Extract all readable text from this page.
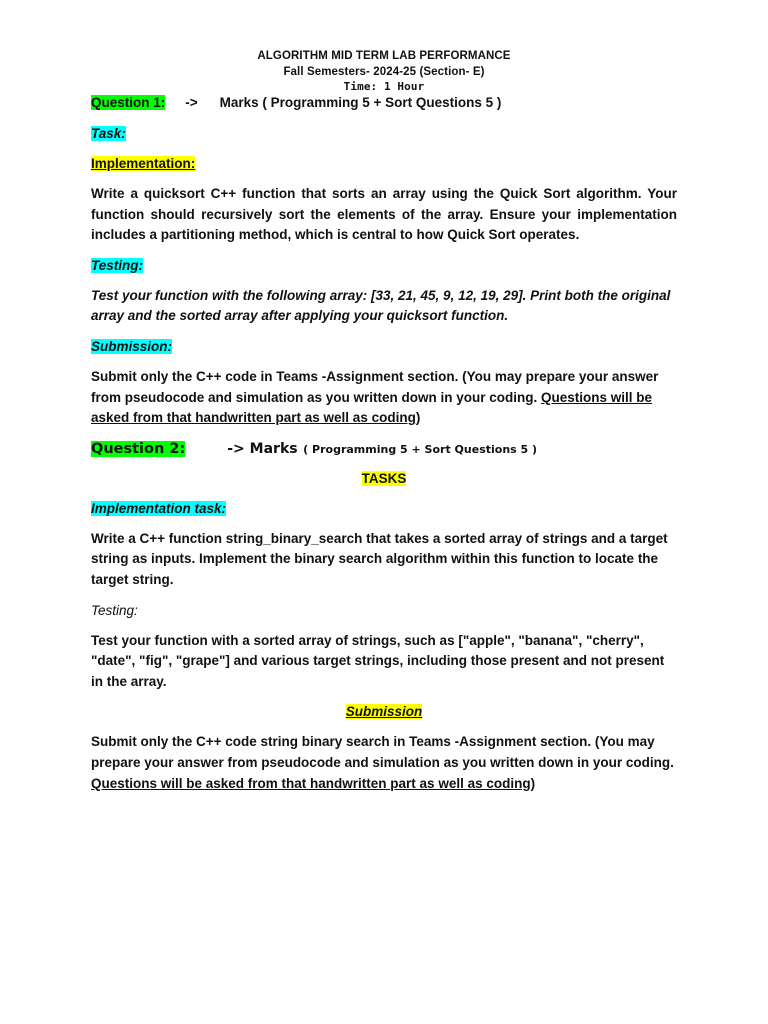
ALGORITHM MID TERM LAB PERFORMANCE
Fall Semesters- 2024-25 (Section- E)
Time: 1 Hour
Question 1: -> Marks ( Programming 5 + Sort Questions 5 )
Task:
Implementation:
Write a quicksort C++ function that sorts an array using the Quick Sort algorithm. Your function should recursively sort the elements of the array. Ensure your implementation includes a partitioning method, which is central to how Quick Sort operates.
Testing:
Test your function with the following array: [33, 21, 45, 9, 12, 19, 29]. Print both the original array and the sorted array after applying your quicksort function.
Submission:
Submit only the C++ code in Teams -Assignment section. (You may prepare your answer from pseudocode and simulation as you written down in your coding. Questions will be asked from that handwritten part as well as coding)
Question 2:	-> Marks ( Programming 5 + Sort Questions 5 )
TASKS
Implementation task:
Write a C++ function string_binary_search that takes a sorted array of strings and a target string as inputs. Implement the binary search algorithm within this function to locate the target string.
Testing:
Test your function with a sorted array of strings, such as ["apple", "banana", "cherry", "date", "fig", "grape"] and various target strings, including those present and not present in the array.
Submission
Submit only the C++ code string binary search in Teams -Assignment section. (You may prepare your answer from pseudocode and simulation as you written down in your coding. Questions will be asked from that handwritten part as well as coding)
